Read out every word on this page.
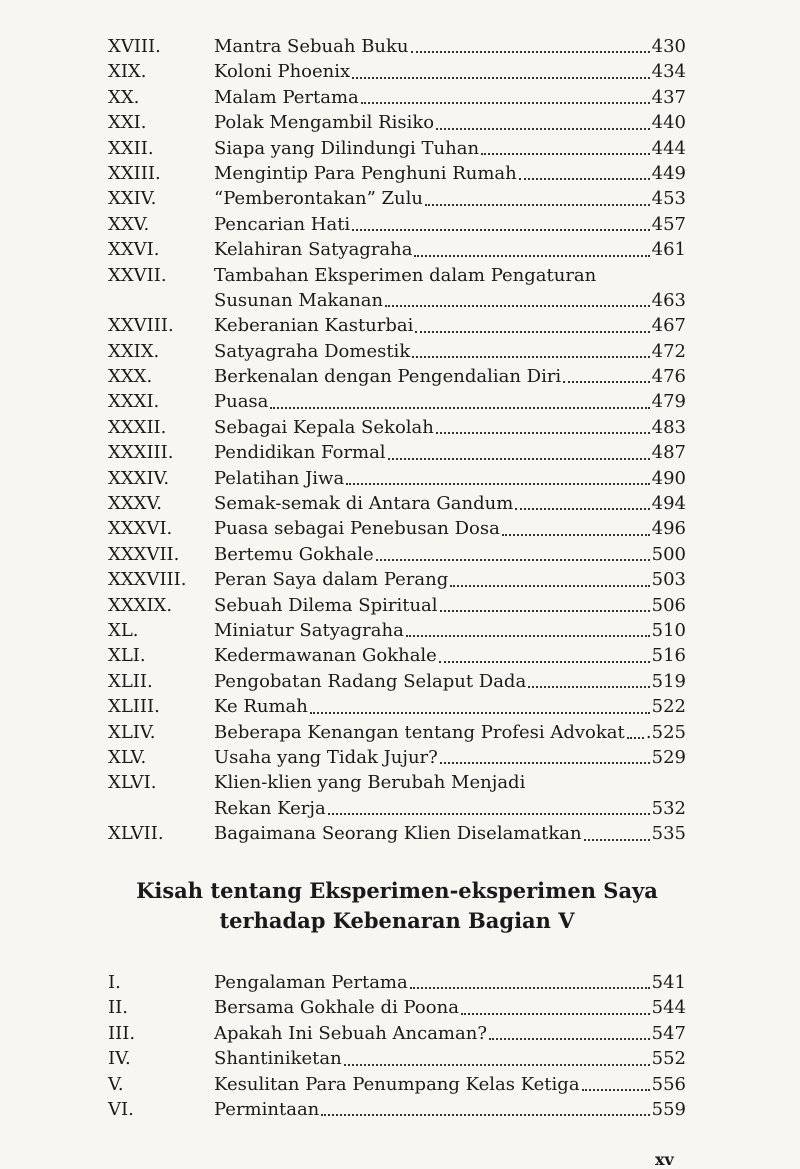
XVIII.	Mantra Sebuah Buku	430
XIX.	Koloni Phoenix	434
XX.	Malam Pertama	437
XXI.	Polak Mengambil Risiko	440
XXII.	Siapa yang Dilindungi Tuhan	444
XXIII.	Mengintip Para Penghuni Rumah	449
XXIV.	“Pemberontakan” Zulu	453
XXV.	Pencarian Hati	457
XXVI.	Kelahiran Satyagraha	461
XXVII.	Tambahan Eksperimen dalam Pengaturan
Susunan Makanan	463
XXVIII.	Keberanian Kasturbai	467
XXIX.	Satyagraha Domestik	472
XXX.	Berkenalan dengan Pengendalian Diri	476
XXXI.	Puasa	479
XXXII.	Sebagai Kepala Sekolah	483
XXXIII.	Pendidikan Formal	487
XXXIV.	Pelatihan Jiwa	490
XXXV.	Semak-semak di Antara Gandum	494
XXXVI.	Puasa sebagai Penebusan Dosa	496
XXXVII.	Bertemu Gokhale	500
XXXVIII.	Peran Saya dalam Perang	503
XXXIX.	Sebuah Dilema Spiritual	506
XL.	Miniatur Satyagraha	510
XLI.	Kedermawanan Gokhale	516
XLII.	Pengobatan Radang Selaput Dada	519
XLIII.	Ke Rumah	522
XLIV.	Beberapa Kenangan tentang Profesi Advokat .525
XLV.	Usaha yang Tidak Jujur?	529
XLVI.	Klien-klien yang Berubah Menjadi
Rekan Kerja	532
XLVII.	Bagaimana Seorang Klien Diselamatkan	535
Kisah tentang Eksperimen-eksperimen Saya
terhadap Kebenaran Bagian V
I.	Pengalaman Pertama	541
II.	Bersama Gokhale di Poona	544
III.	Apakah Ini Sebuah Ancaman?	547
IV.	Shantiniketan	552
V.	Kesulitan Para Penumpang Kelas Ketiga	556
VI.	Permintaan	559
xv
